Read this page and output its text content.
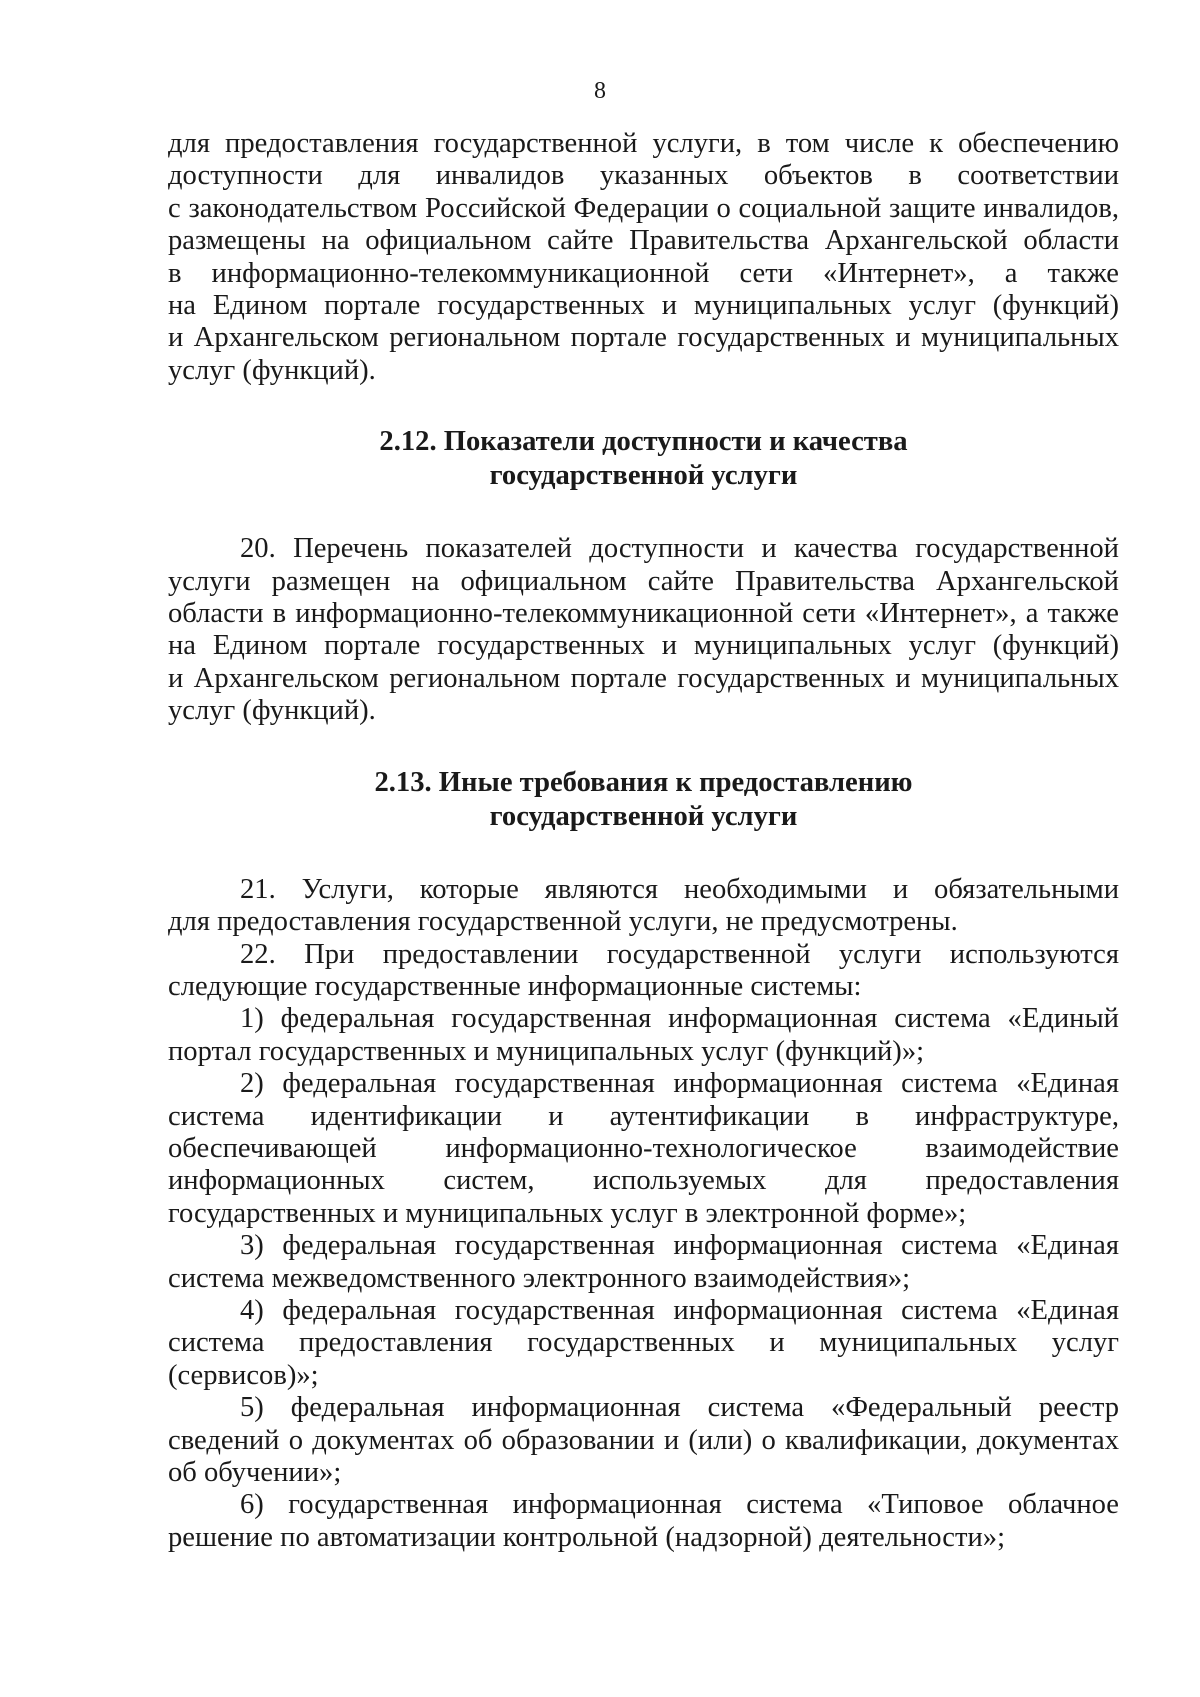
8
для предоставления государственной услуги, в том числе к обеспечению
доступности для инвалидов указанных объектов в соответствии
с законодательством Российской Федерации о социальной защите инвалидов,
размещены на официальном сайте Правительства Архангельской области
в информационно-телекоммуникационной сети «Интернет», а также
на Едином портале государственных и муниципальных услуг (функций)
и Архангельском региональном портале государственных и муниципальных
услуг (функций).
2.12. Показатели доступности и качества
государственной услуги
20. Перечень показателей доступности и качества государственной
услуги размещен на официальном сайте Правительства Архангельской
области в информационно-телекоммуникационной сети «Интернет», а также
на Едином портале государственных и муниципальных услуг (функций)
и Архангельском региональном портале государственных и муниципальных
услуг (функций).
2.13. Иные требования к предоставлению
государственной услуги
21. Услуги, которые являются необходимыми и обязательными
для предоставления государственной услуги, не предусмотрены.
22. При предоставлении государственной услуги используются
следующие государственные информационные системы:
1) федеральная государственная информационная система «Единый
портал государственных и муниципальных услуг (функций)»;
2) федеральная государственная информационная система «Единая
система идентификации и аутентификации в инфраструктуре,
обеспечивающей информационно-технологическое взаимодействие
информационных систем, используемых для предоставления
государственных и муниципальных услуг в электронной форме»;
3) федеральная государственная информационная система «Единая
система межведомственного электронного взаимодействия»;
4) федеральная государственная информационная система «Единая
система предоставления государственных и муниципальных услуг
(сервисов)»;
5) федеральная информационная система «Федеральный реестр
сведений о документах об образовании и (или) о квалификации, документах
об обучении»;
6) государственная информационная система «Типовое облачное
решение по автоматизации контрольной (надзорной) деятельности»;
